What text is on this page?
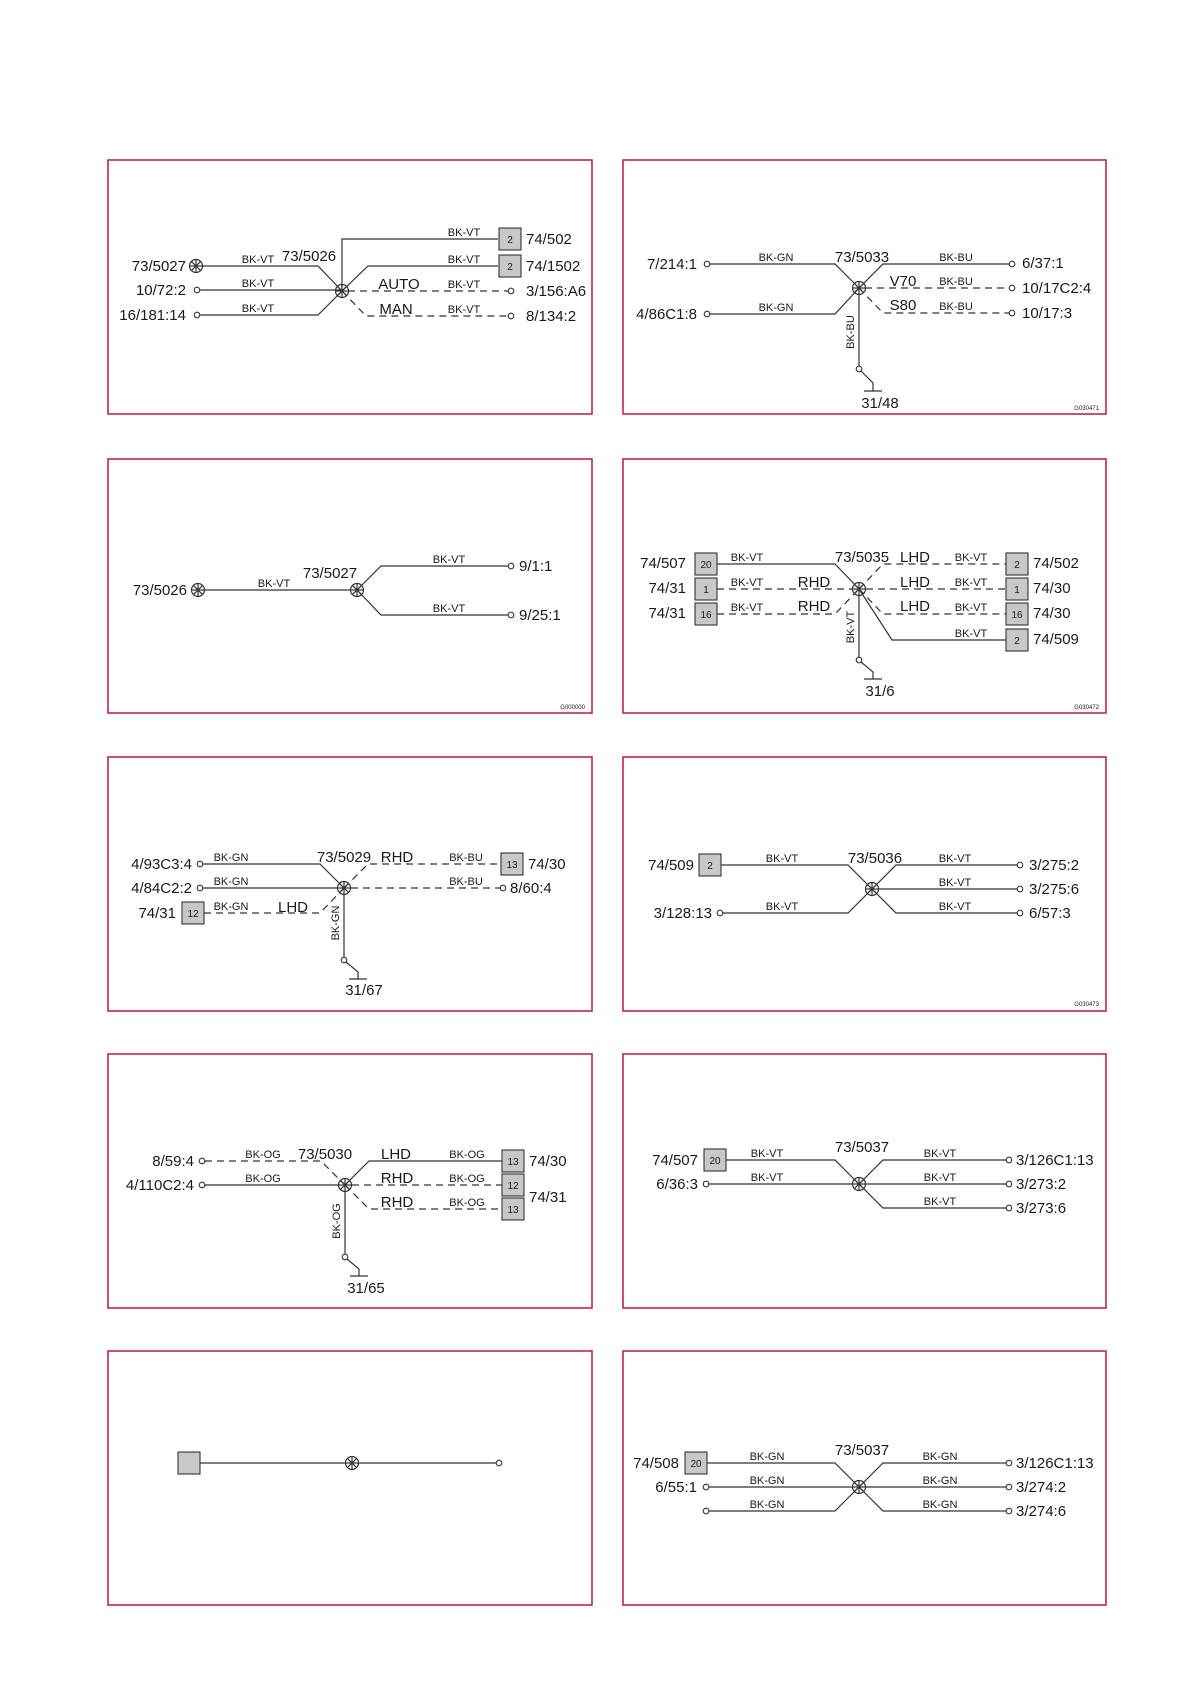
2
2
73/5027
10/72:2
16/181:14
BK-VT
BK-VT
BK-VT
73/5026
BK-VT
BK-VT
BK-VT
BK-VT
AUTO
MAN
74/502
74/1502
3/156:A6
8/134:2
7/214:1
4/86C1:8
BK-GN
BK-GN
73/5033	BK-BU
BK-BU
BK-BU
V70
S80
6/37:1
10/17C2:4
10/17:3
BK-BU
31/48	G030471
73/5026	BK-VT
73/5027
BK-VT
BK-VT
9/1:1
9/25:1
G000000
20
1
16
2
1
16
2
74/507
74/31
74/31
BK-VT
BK-VT
BK-VT
RHD
RHD
73/5035 LHD
LHD
LHD
BK-VT
BK-VT
BK-VT
BK-VT
74/502
74/30
74/30
74/509
BK-VT
31/6
G030472
12
13
4/93C3:4
4/84C2:2
74/31
BK-GN
BK-GN
BK-GN LHD
73/5029 RHD	BK-BU
BK-BU
74/30
8/60:4
BK-GN
31/67
2
74/509
3/128:13
BK-VT
BK-VT
73/5036	BK-VT
BK-VT
BK-VT
3/275:2
3/275:6
6/57:3
G030473
13
12
13
8/59:4
4/110C2:4
BK-OG
BK-OG
73/5030 LHD
RHD
RHD
BK-OG
BK-OG
BK-OG
74/30
74/31
BK-OG
31/65
20
74/507
6/36:3
BK-VT
BK-VT
73/5037	BK-VT
BK-VT
BK-VT
3/126C1:13
3/273:2
3/273:6
20
74/508
6/55:1
BK-GN
BK-GN
BK-GN
73/5037	BK-GN
BK-GN
BK-GN
3/126C1:13
3/274:2
3/274:6
